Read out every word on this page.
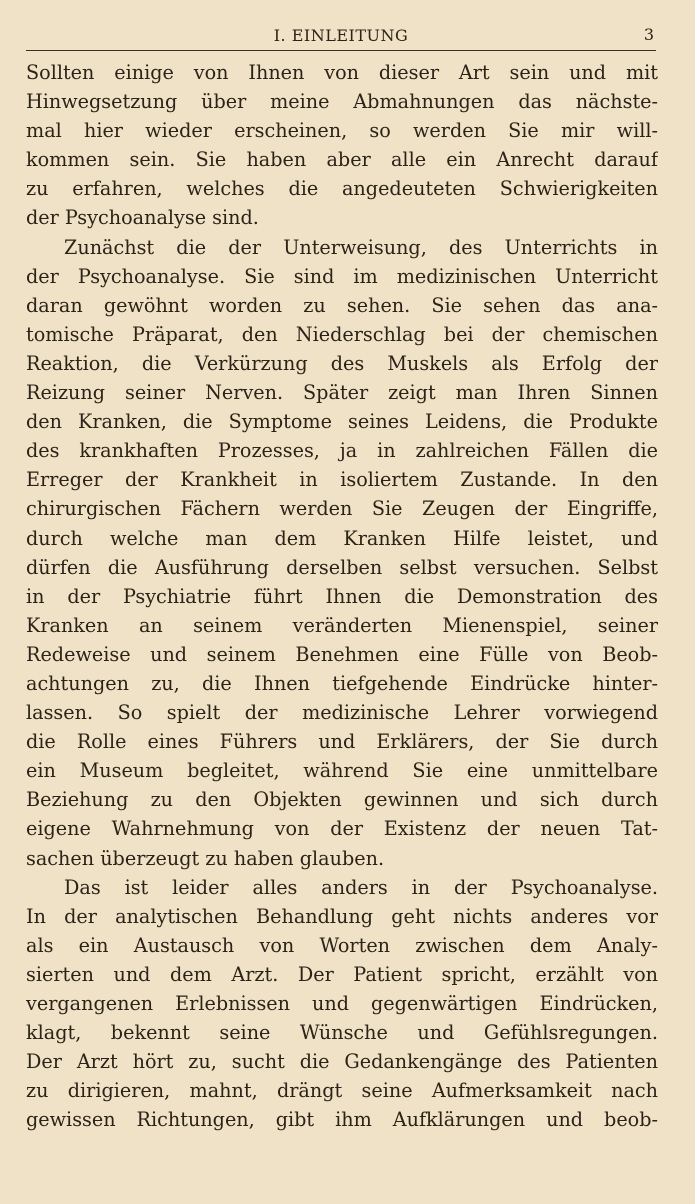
I. EINLEITUNG	3
Sollten einige von Ihnen von dieser Art sein und mit
Hinwegsetzung über meine Abmahnungen das nächste-
mal hier wieder erscheinen, so werden Sie mir will-
kommen sein. Sie haben aber alle ein Anrecht darauf
zu erfahren, welches die angedeuteten Schwierigkeiten
der Psychoanalyse sind.
Zunächst die der Unterweisung, des Unterrichts in
der Psychoanalyse. Sie sind im medizinischen Unterricht
daran gewöhnt worden zu sehen. Sie sehen das ana-
tomische Präparat, den Niederschlag bei der chemischen
Reaktion, die Verkürzung des Muskels als Erfolg der
Reizung seiner Nerven. Später zeigt man Ihren Sinnen
den Kranken, die Symptome seines Leidens, die Produkte
des krankhaften Prozesses, ja in zahlreichen Fällen die
Erreger der Krankheit in isoliertem Zustande. In den
chirurgischen Fächern werden Sie Zeugen der Eingriffe,
durch welche man dem Kranken Hilfe leistet, und
dürfen die Ausführung derselben selbst versuchen. Selbst
in der Psychiatrie führt Ihnen die Demonstration des
Kranken an seinem veränderten Mienenspiel, seiner
Redeweise und seinem Benehmen eine Fülle von Beob-
achtungen zu, die Ihnen tiefgehende Eindrücke hinter-
lassen. So spielt der medizinische Lehrer vorwiegend
die Rolle eines Führers und Erklärers, der Sie durch
ein Museum begleitet, während Sie eine unmittelbare
Beziehung zu den Objekten gewinnen und sich durch
eigene Wahrnehmung von der Existenz der neuen Tat-
sachen überzeugt zu haben glauben.
Das ist leider alles anders in der Psychoanalyse.
In der analytischen Behandlung geht nichts anderes vor
als ein Austausch von Worten zwischen dem Analy-
sierten und dem Arzt. Der Patient spricht, erzählt von
vergangenen Erlebnissen und gegenwärtigen Eindrücken,
klagt, bekennt seine Wünsche und Gefühlsregungen.
Der Arzt hört zu, sucht die Gedankengänge des Patienten
zu dirigieren, mahnt, drängt seine Aufmerksamkeit nach
gewissen Richtungen, gibt ihm Aufklärungen und beob-
